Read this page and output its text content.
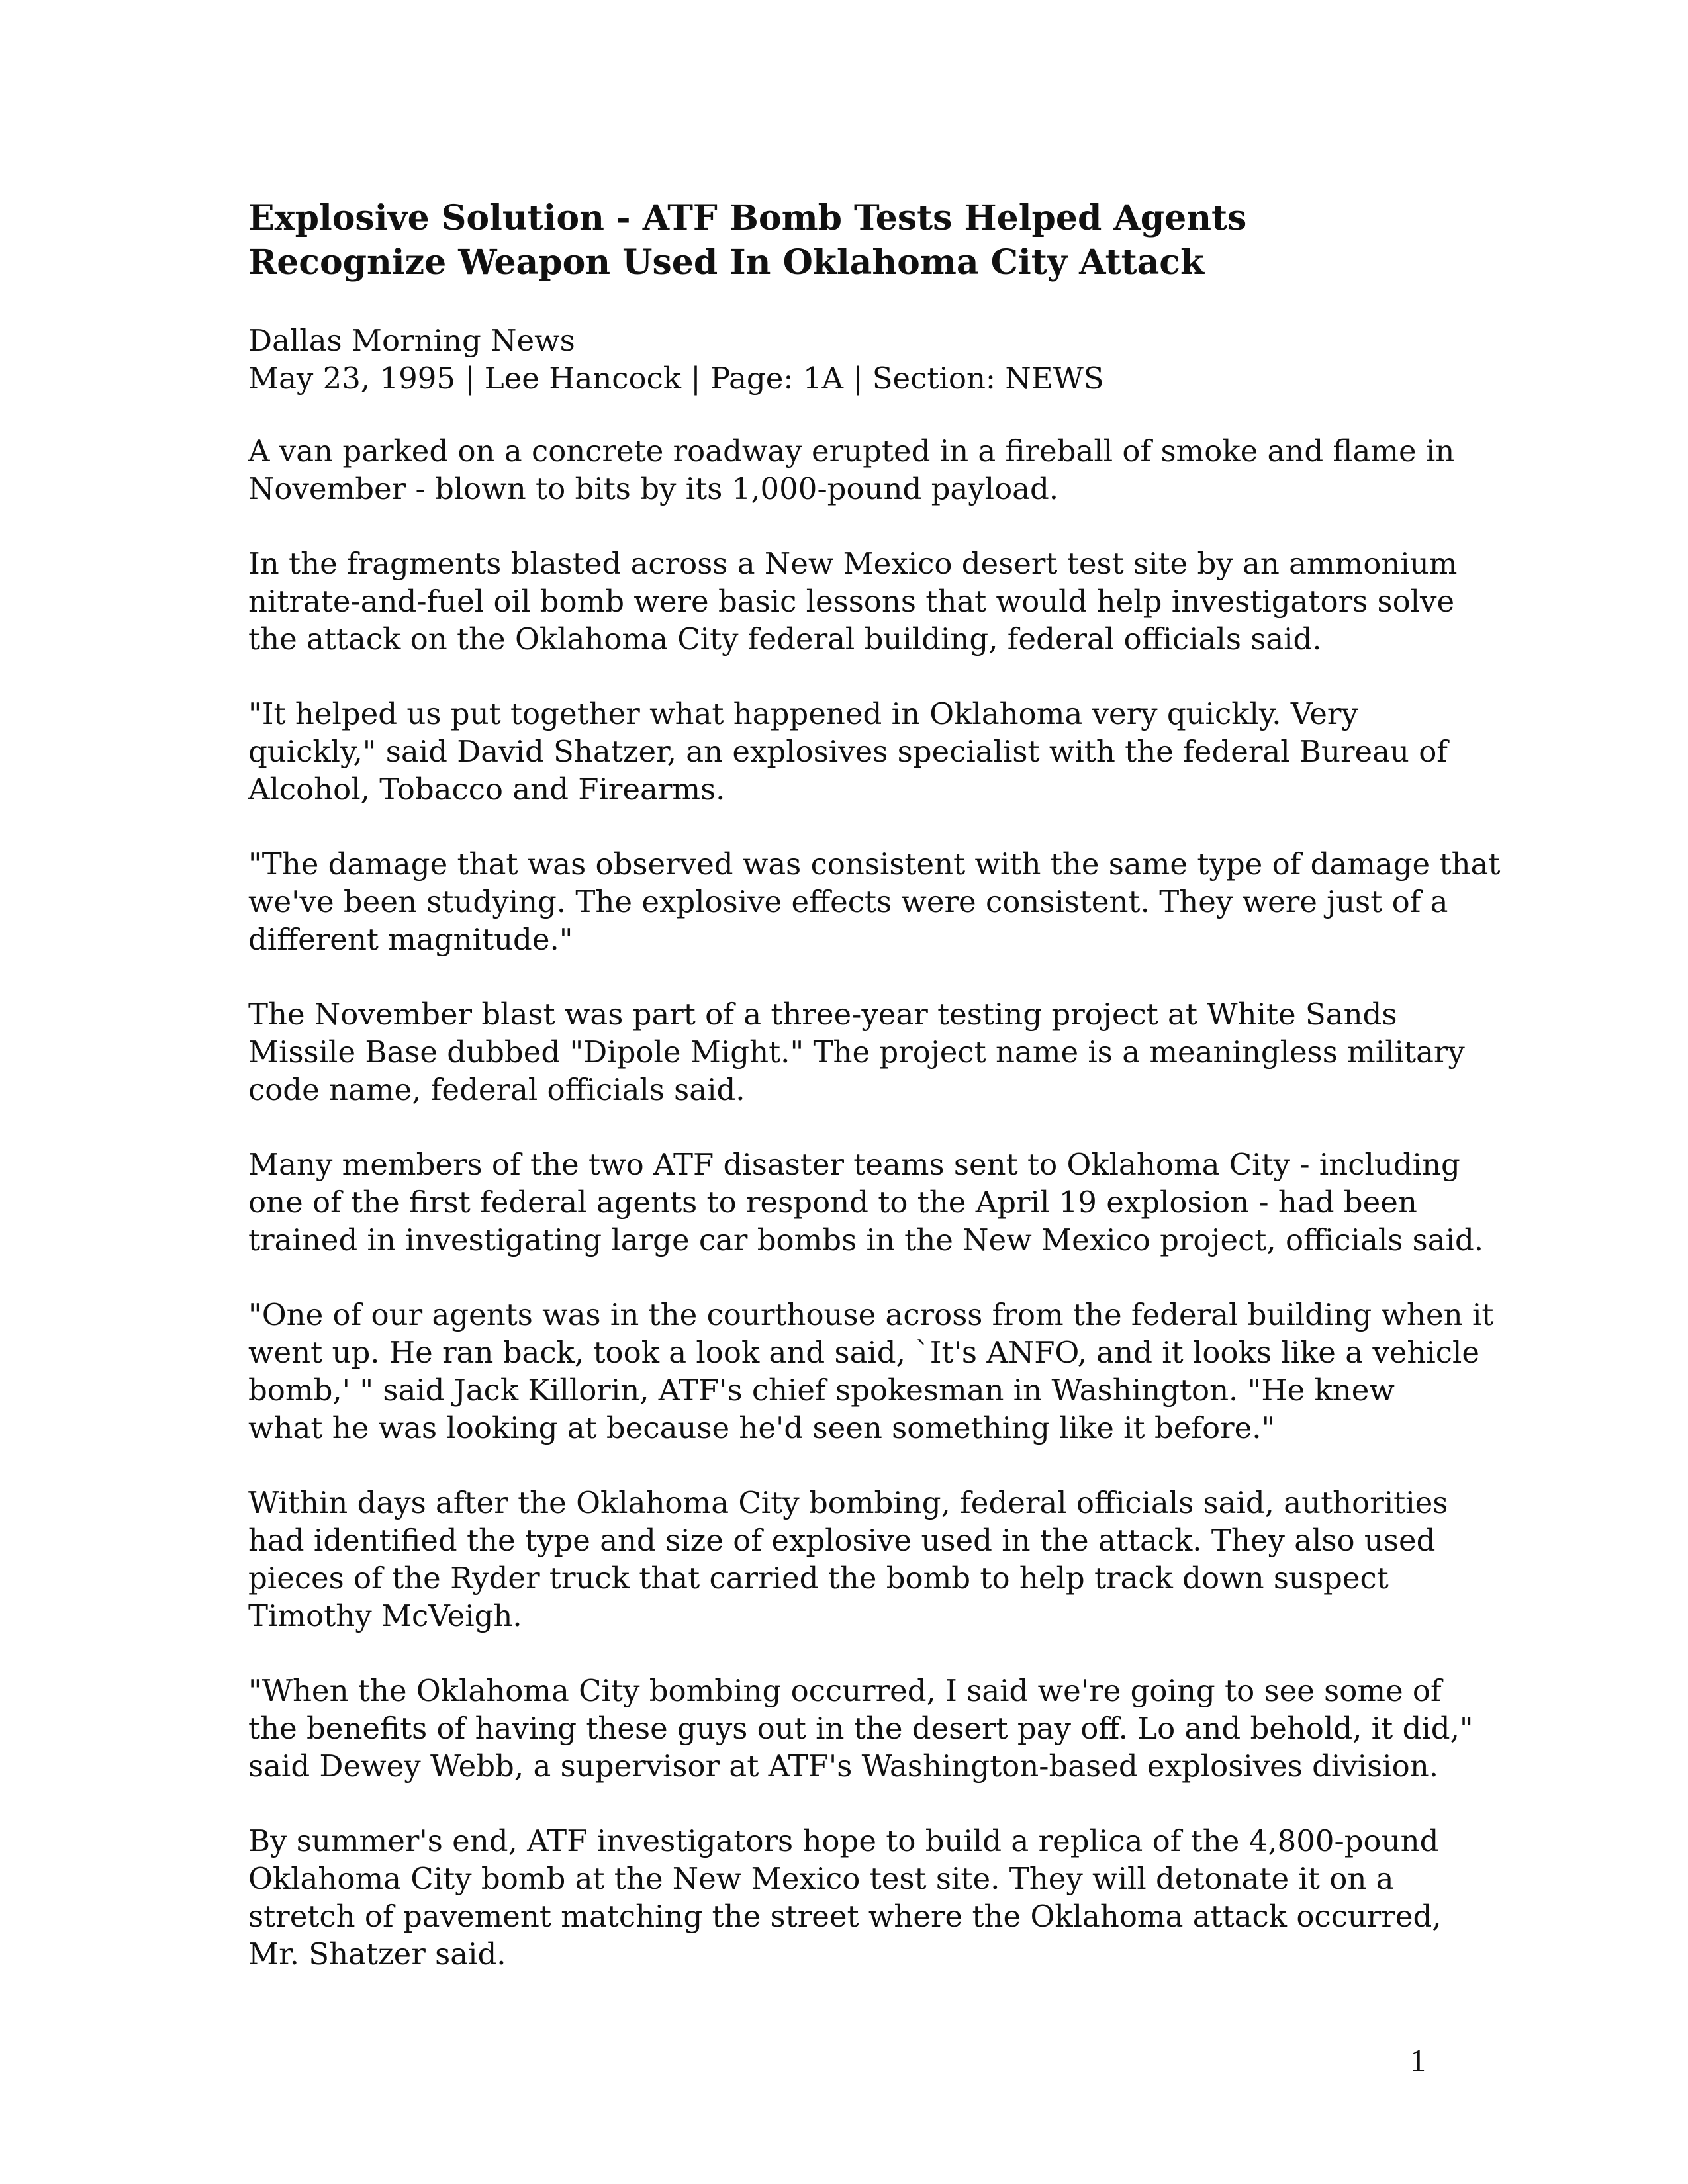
Explosive Solution - ATF Bomb Tests Helped Agents
Recognize Weapon Used In Oklahoma City Attack
Dallas Morning News
May 23, 1995 | Lee Hancock | Page: 1A | Section: NEWS

A van parked on a concrete roadway erupted in a fireball of smoke and flame in
November - blown to bits by its 1,000-pound payload.

In the fragments blasted across a New Mexico desert test site by an ammonium
nitrate-and-fuel oil bomb were basic lessons that would help investigators solve
the attack on the Oklahoma City federal building, federal officials said.

"It helped us put together what happened in Oklahoma very quickly. Very
quickly," said David Shatzer, an explosives specialist with the federal Bureau of
Alcohol, Tobacco and Firearms.

"The damage that was observed was consistent with the same type of damage that
we've been studying. The explosive effects were consistent. They were just of a
different magnitude."

The November blast was part of a three-year testing project at White Sands
Missile Base dubbed "Dipole Might." The project name is a meaningless military
code name, federal officials said.

Many members of the two ATF disaster teams sent to Oklahoma City - including
one of the first federal agents to respond to the April 19 explosion - had been
trained in investigating large car bombs in the New Mexico project, officials said.

"One of our agents was in the courthouse across from the federal building when it
went up. He ran back, took a look and said, `It's ANFO, and it looks like a vehicle
bomb,' " said Jack Killorin, ATF's chief spokesman in Washington. "He knew
what he was looking at because he'd seen something like it before."

Within days after the Oklahoma City bombing, federal officials said, authorities
had identified the type and size of explosive used in the attack. They also used
pieces of the Ryder truck that carried the bomb to help track down suspect
Timothy McVeigh.

"When the Oklahoma City bombing occurred, I said we're going to see some of
the benefits of having these guys out in the desert pay off. Lo and behold, it did,"
said Dewey Webb, a supervisor at ATF's Washington-based explosives division.

By summer's end, ATF investigators hope to build a replica of the 4,800-pound
Oklahoma City bomb at the New Mexico test site. They will detonate it on a
stretch of pavement matching the street where the Oklahoma attack occurred,
Mr. Shatzer said.

1
